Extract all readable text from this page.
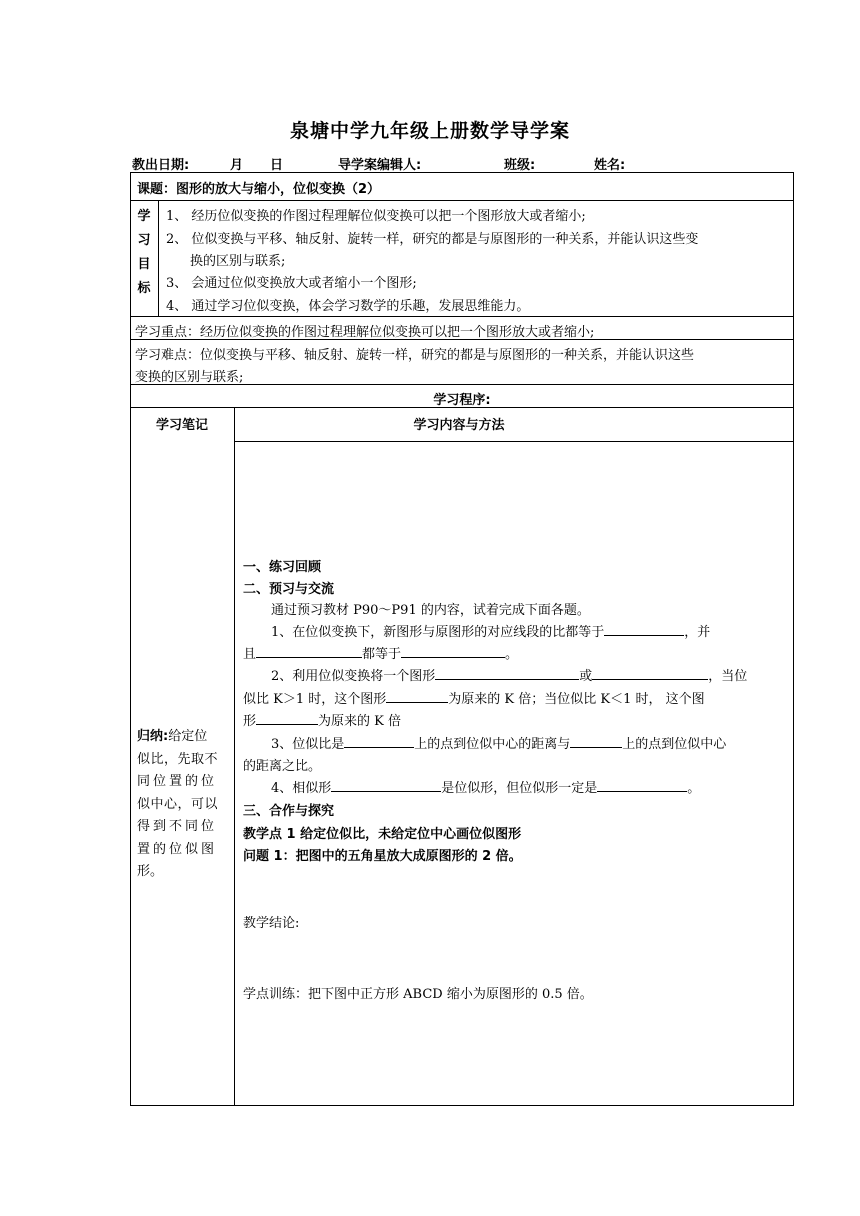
泉塘中学九年级上册数学导学案
教出日期:	月 日	导学案编辑人:	班级:	姓名:
课题：图形的放大与缩小，位似变换（2）
学
习
目
标
1、 经历位似变换的作图过程理解位似变换可以把一个图形放大或者缩小;
2、 位似变换与平移、轴反射、旋转一样，研究的都是与原图形的一种关系，并能认识这些变
换的区别与联系;
3、 会通过位似变换放大或者缩小一个图形;
4、 通过学习位似变换，体会学习数学的乐趣，发展思维能力。
学习重点：经历位似变换的作图过程理解位似变换可以把一个图形放大或者缩小;
学习难点：位似变换与平移、轴反射、旋转一样，研究的都是与原图形的一种关系，并能认识这些
变换的区别与联系;
学习程序:
学习笔记	学习内容与方法
归纳:给定位
似比，先取不
同位置的位
似中心，可以
得到不同位
置的位似图
形。
一、练习回顾
二、预习与交流
通过预习教材 P90～P91 的内容，试着完成下面各题。
1、在位似变换下，新图形与原图形的对应线段的比都等于	，并
且	都等于	。
2、利用位似变换将一个图形	或	，当位
似比 K＞1 时，这个图形	为原来的 K 倍；当位似比 K＜1 时， 这个图
形	为原来的 K 倍
3、位似比是	上的点到位似中心的距离与	上的点到位似中心
的距离之比。
4、相似形	是位似形，但位似形一定是	。
三、合作与探究
教学点 1 给定位似比，未给定位中心画位似图形
问题 1：把图中的五角星放大成原图形的 2 倍。
教学结论:
学点训练：把下图中正方形 ABCD 缩小为原图形的 0.5 倍。
